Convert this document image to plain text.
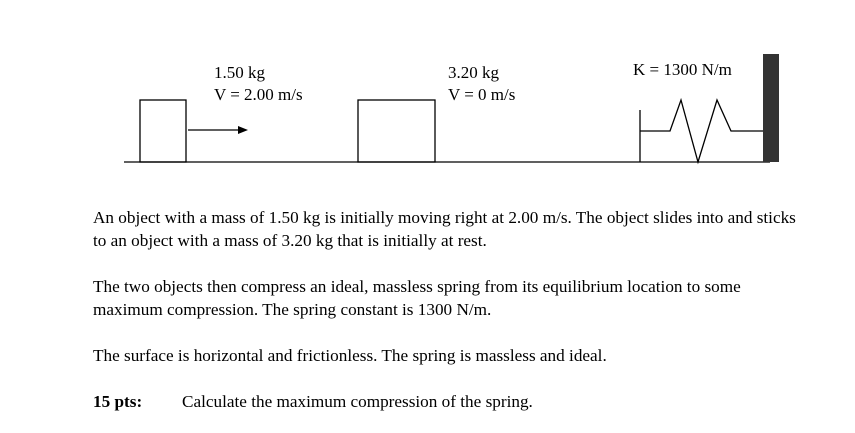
1.50 kg
V = 2.00 m/s
3.20 kg
V = 0 m/s
K = 1300 N/m

An object with a mass of 1.50 kg is initially moving right at 2.00 m/s. The object slides into and sticks to an object with a mass of 3.20 kg that is initially at rest.

The two objects then compress an ideal, massless spring from its equilibrium location to some maximum compression. The spring constant is 1300 N/m.

The surface is horizontal and frictionless. The spring is massless and ideal.

15 pts: Calculate the maximum compression of the spring.
